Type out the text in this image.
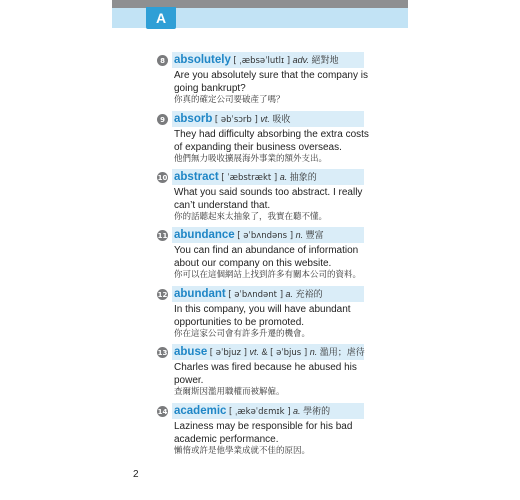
A
8 absolutely [ ˌæbsəˈlutlɪ ] adv. 絕對地
Are you absolutely sure that the company is going bankrupt?
你真的確定公司要破產了嗎？
9 absorb [ əbˈsɔrb ] vt. 吸收
They had difficulty absorbing the extra costs of expanding their business overseas.
他們無力吸收擴展海外事業的額外支出。
10 abstract [ ˈæbstrækt ] a. 抽象的
What you said sounds too abstract. I really can’t understand that.
你的話聽起來太抽象了，我實在聽不懂。
11 abundance [ əˈbʌndəns ] n. 豐富
You can find an abundance of information about our company on this website.
你可以在這個網站上找到許多有關本公司的資料。
12 abundant [ əˈbʌndənt ] a. 充裕的
In this company, you will have abundant opportunities to be promoted.
你在這家公司會有許多升遷的機會。
13 abuse [ əˈbjuz ] vt. & [ əˈbjus ] n. 濫用；虐待
Charles was fired because he abused his power.
查爾斯因濫用職權而被解僱。
14 academic [ ˌækəˈdɛmɪk ] a. 學術的
Laziness may be responsible for his bad academic performance.
懶惰或許是他學業成就不佳的原因。
2
